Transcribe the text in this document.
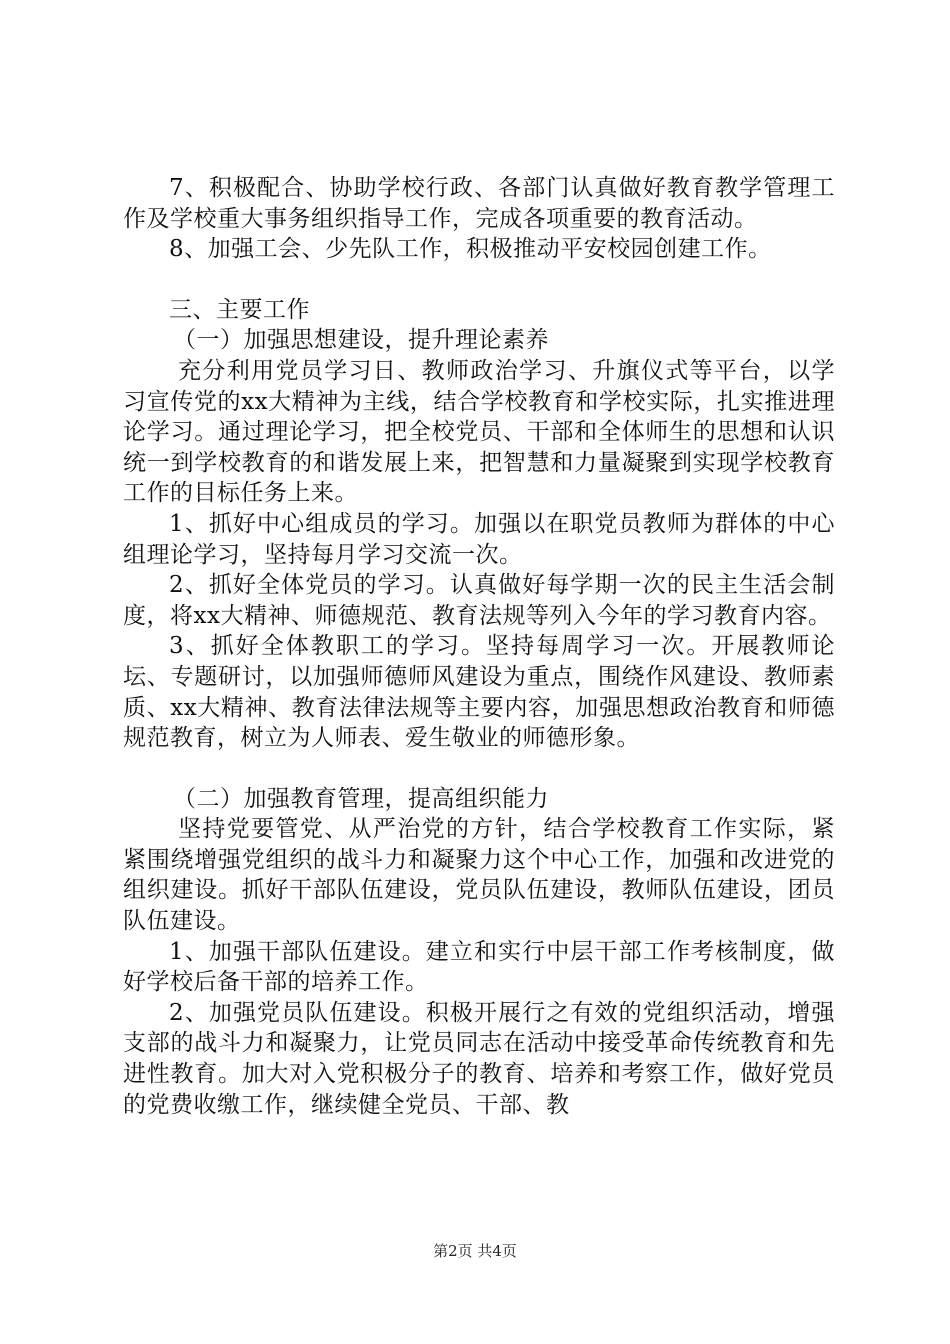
7、积极配合、协助学校行政、各部门认真做好教育教学管理工作及学校重大事务组织指导工作，完成各项重要的教育活动。

8、加强工会、少先队工作，积极推动平安校园创建工作。

三、主要工作

（一）加强思想建设，提升理论素养

充分利用党员学习日、教师政治学习、升旗仪式等平台，以学习宣传党的xx大精神为主线，结合学校教育和学校实际，扎实推进理论学习。通过理论学习，把全校党员、干部和全体师生的思想和认识统一到学校教育的和谐发展上来，把智慧和力量凝聚到实现学校教育工作的目标任务上来。

1、抓好中心组成员的学习。加强以在职党员教师为群体的中心组理论学习，坚持每月学习交流一次。

2、抓好全体党员的学习。认真做好每学期一次的民主生活会制度，将xx大精神、师德规范、教育法规等列入今年的学习教育内容。

3、抓好全体教职工的学习。坚持每周学习一次。开展教师论坛、专题研讨，以加强师德师风建设为重点，围绕作风建设、教师素质、xx大精神、教育法律法规等主要内容，加强思想政治教育和师德规范教育，树立为人师表、爱生敬业的师德形象。

（二）加强教育管理，提高组织能力

坚持党要管党、从严治党的方针，结合学校教育工作实际，紧紧围绕增强党组织的战斗力和凝聚力这个中心工作，加强和改进党的组织建设。抓好干部队伍建设，党员队伍建设，教师队伍建设，团员队伍建设。

1、加强干部队伍建设。建立和实行中层干部工作考核制度，做好学校后备干部的培养工作。

2、加强党员队伍建设。积极开展行之有效的党组织活动，增强支部的战斗力和凝聚力，让党员同志在活动中接受革命传统教育和先进性教育。加大对入党积极分子的教育、培养和考察工作，做好党员的党费收缴工作，继续健全党员、干部、教

第2页 共4页
